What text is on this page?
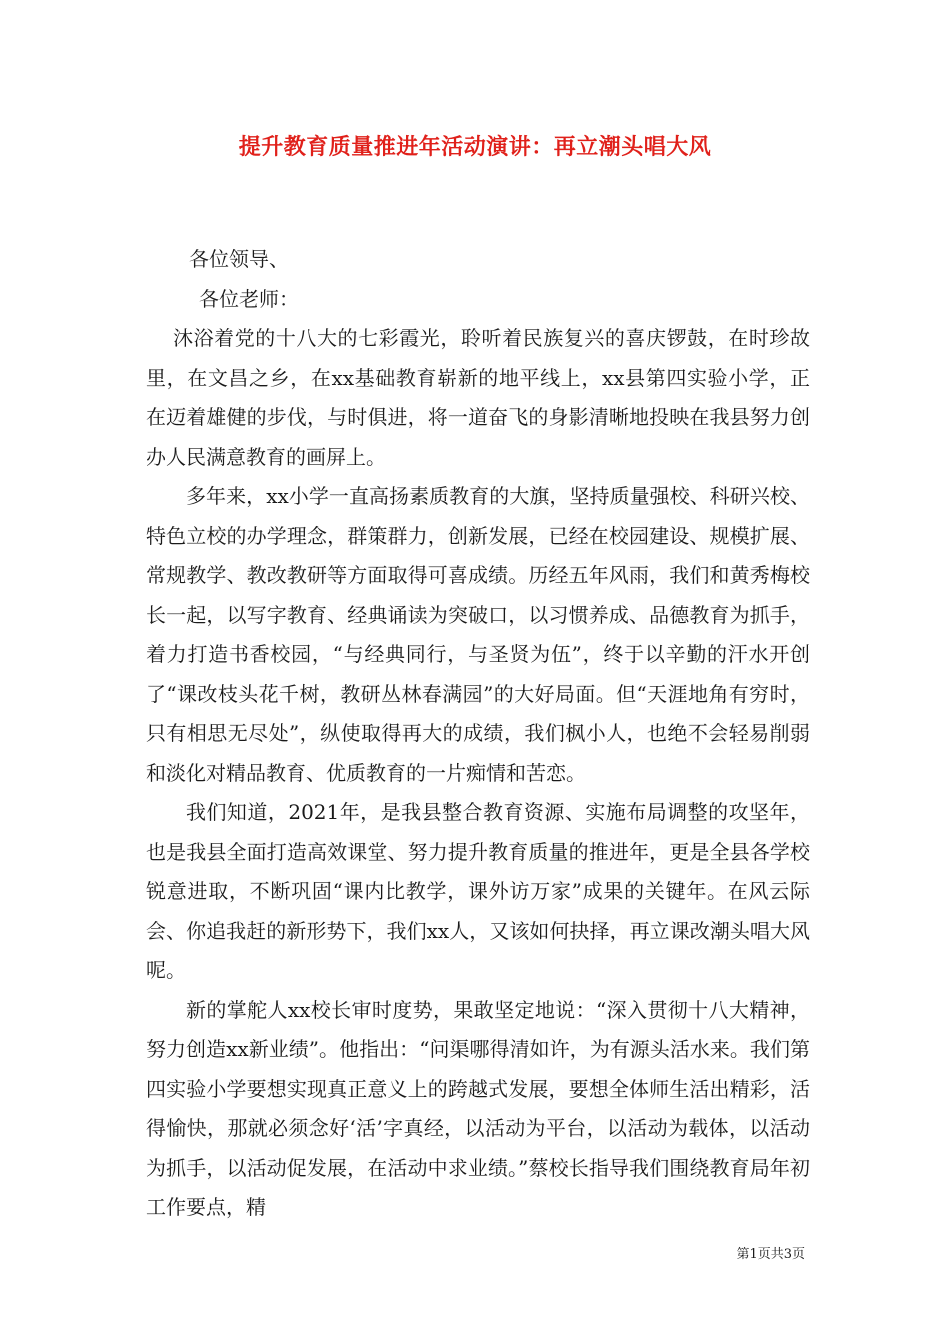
提升教育质量推进年活动演讲：再立潮头唱大风

各位领导、

各位老师：

沐浴着党的十八大的七彩霞光，聆听着民族复兴的喜庆锣鼓，在时珍故里，在文昌之乡，在xx基础教育崭新的地平线上，xx县第四实验小学，正在迈着雄健的步伐，与时俱进，将一道奋飞的身影清晰地投映在我县努力创办人民满意教育的画屏上。

多年来，xx小学一直高扬素质教育的大旗，坚持质量强校、科研兴校、特色立校的办学理念，群策群力，创新发展，已经在校园建设、规模扩展、常规教学、教改教研等方面取得可喜成绩。历经五年风雨，我们和黄秀梅校长一起，以写字教育、经典诵读为突破口，以习惯养成、品德教育为抓手，着力打造书香校园，“与经典同行，与圣贤为伍”，终于以辛勤的汗水开创了“课改枝头花千树，教研丛林春满园”的大好局面。但“天涯地角有穷时，只有相思无尽处”，纵使取得再大的成绩，我们枫小人，也绝不会轻易削弱和淡化对精品教育、优质教育的一片痴情和苦恋。

我们知道，2021年，是我县整合教育资源、实施布局调整的攻坚年，也是我县全面打造高效课堂、努力提升教育质量的推进年，更是全县各学校锐意进取，不断巩固“课内比教学，课外访万家”成果的关键年。在风云际会、你追我赶的新形势下，我们xx人，又该如何抉择，再立课改潮头唱大风呢。

新的掌舵人xx校长审时度势，果敢坚定地说：“深入贯彻十八大精神，努力创造xx新业绩”。他指出：“问渠哪得清如许，为有源头活水来。我们第四实验小学要想实现真正意义上的跨越式发展，要想全体师生活出精彩，活得愉快，那就必须念好‘活’字真经，以活动为平台，以活动为载体，以活动为抓手，以活动促发展，在活动中求业绩。”蔡校长指导我们围绕教育局年初工作要点，精

第1页共3页
